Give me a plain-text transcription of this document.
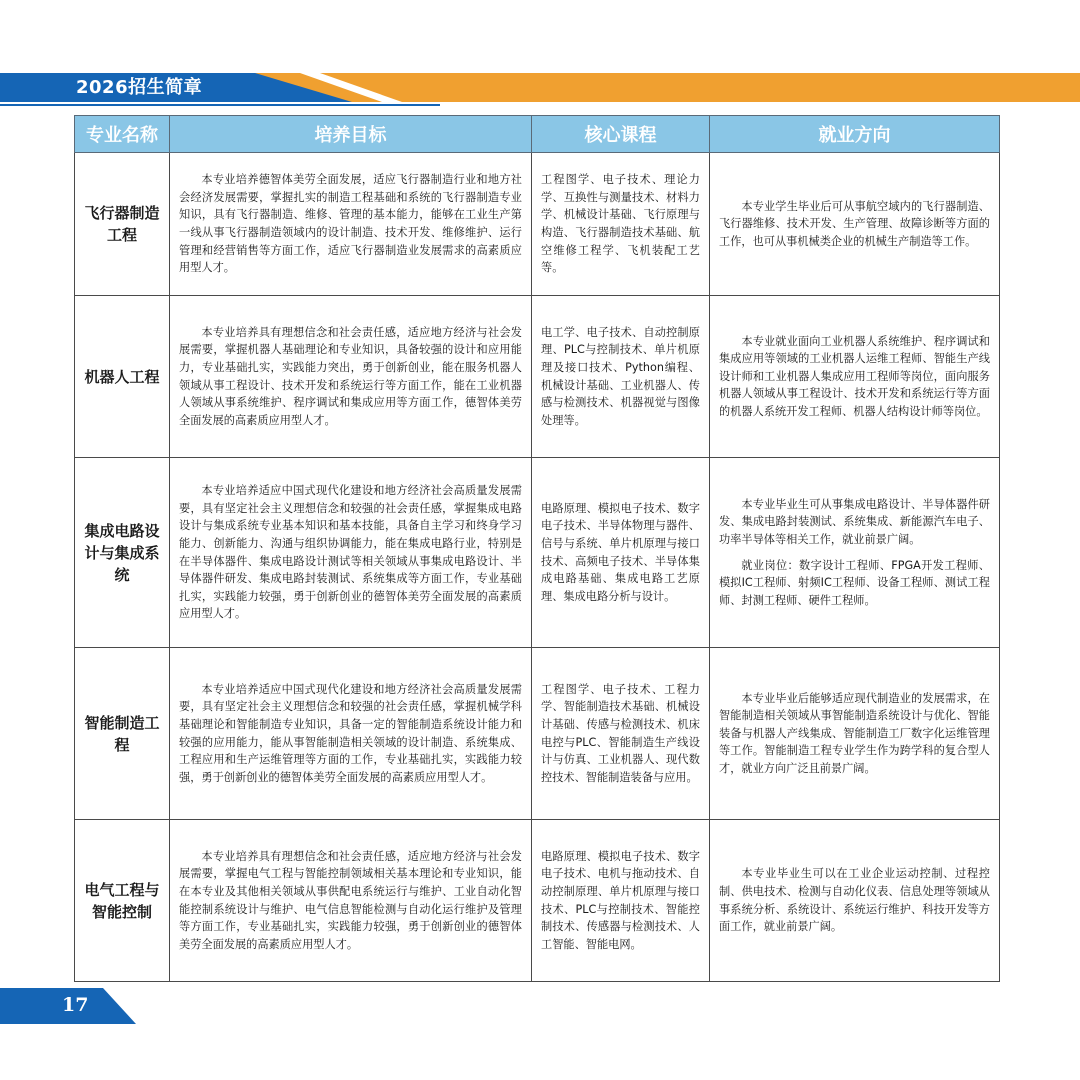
2026招生简章
专业名称	培养目标	核心课程	就业方向
飞行器制造工程	本专业培养德智体美劳全面发展，适应飞行器制造行业和地方社会经济发展需要，掌握扎实的制造工程基础和系统的飞行器制造专业知识，具有飞行器制造、维修、管理的基本能力，能够在工业生产第一线从事飞行器制造领域内的设计制造、技术开发、维修维护、运行管理和经营销售等方面工作，适应飞行器制造业发展需求的高素质应用型人才。	工程图学、电子技术、理论力学、互换性与测量技术、材料力学、机械设计基础、飞行原理与构造、飞行器制造技术基础、航空维修工程学、飞机装配工艺等。	本专业学生毕业后可从事航空域内的飞行器制造、飞行器维修、技术开发、生产管理、故障诊断等方面的工作，也可从事机械类企业的机械生产制造等工作。

机器人工程	本专业培养具有理想信念和社会责任感，适应地方经济与社会发展需要，掌握机器人基础理论和专业知识，具备较强的设计和应用能力，专业基础扎实，实践能力突出，勇于创新创业，能在服务机器人领域从事工程设计、技术开发和系统运行等方面工作，能在工业机器人领域从事系统维护、程序调试和集成应用等方面工作，德智体美劳全面发展的高素质应用型人才。	电工学、电子技术、自动控制原理、PLC与控制技术、单片机原理及接口技术、Python编程、机械设计基础、工业机器人、传感与检测技术、机器视觉与图像处理等。	本专业就业面向工业机器人系统维护、程序调试和集成应用等领域的工业机器人运维工程师、智能生产线设计师和工业机器人集成应用工程师等岗位，面向服务机器人领域从事工程设计、技术开发和系统运行等方面的机器人系统开发工程师、机器人结构设计师等岗位。

集成电路设计与集成系统	本专业培养适应中国式现代化建设和地方经济社会高质量发展需要，具有坚定社会主义理想信念和较强的社会责任感，掌握集成电路设计与集成系统专业基本知识和基本技能，具备自主学习和终身学习能力、创新能力、沟通与组织协调能力，能在集成电路行业，特别是在半导体器件、集成电路设计测试等相关领域从事集成电路设计、半导体器件研发、集成电路封装测试、系统集成等方面工作，专业基础扎实，实践能力较强，勇于创新创业的德智体美劳全面发展的高素质应用型人才。	电路原理、模拟电子技术、数字电子技术、半导体物理与器件、信号与系统、单片机原理与接口技术、高频电子技术、半导体集成电路基础、集成电路工艺原理、集成电路分析与设计。	本专业毕业生可从事集成电路设计、半导体器件研发、集成电路封装测试、系统集成、新能源汽车电子、功率半导体等相关工作，就业前景广阔。

就业岗位：数字设计工程师、FPGA开发工程师、模拟IC工程师、射频IC工程师、设备工程师、测试工程师、封测工程师、硬件工程师。

智能制造工程	本专业培养适应中国式现代化建设和地方经济社会高质量发展需要，具有坚定社会主义理想信念和较强的社会责任感，掌握机械学科基础理论和智能制造专业知识，具备一定的智能制造系统设计能力和较强的应用能力，能从事智能制造相关领域的设计制造、系统集成、工程应用和生产运维管理等方面的工作，专业基础扎实，实践能力较强，勇于创新创业的德智体美劳全面发展的高素质应用型人才。	工程图学、电子技术、工程力学、智能制造技术基础、机械设计基础、传感与检测技术、机床电控与PLC、智能制造生产线设计与仿真、工业机器人、现代数控技术、智能制造装备与应用。	本专业毕业后能够适应现代制造业的发展需求，在智能制造相关领域从事智能制造系统设计与优化、智能装备与机器人产线集成、智能制造工厂数字化运维管理等工作。智能制造工程专业学生作为跨学科的复合型人才，就业方向广泛且前景广阔。

电气工程与智能控制	本专业培养具有理想信念和社会责任感，适应地方经济与社会发展需要，掌握电气工程与智能控制领域相关基本理论和专业知识，能在本专业及其他相关领域从事供配电系统运行与维护、工业自动化智能控制系统设计与维护、电气信息智能检测与自动化运行维护及管理等方面工作，专业基础扎实，实践能力较强，勇于创新创业的德智体美劳全面发展的高素质应用型人才。	电路原理、模拟电子技术、数字电子技术、电机与拖动技术、自动控制原理、单片机原理与接口技术、PLC与控制技术、智能控制技术、传感器与检测技术、人工智能、智能电网。	本专业毕业生可以在工业企业运动控制、过程控制、供电技术、检测与自动化仪表、信息处理等领域从事系统分析、系统设计、系统运行维护、科技开发等方面工作，就业前景广阔。

17
